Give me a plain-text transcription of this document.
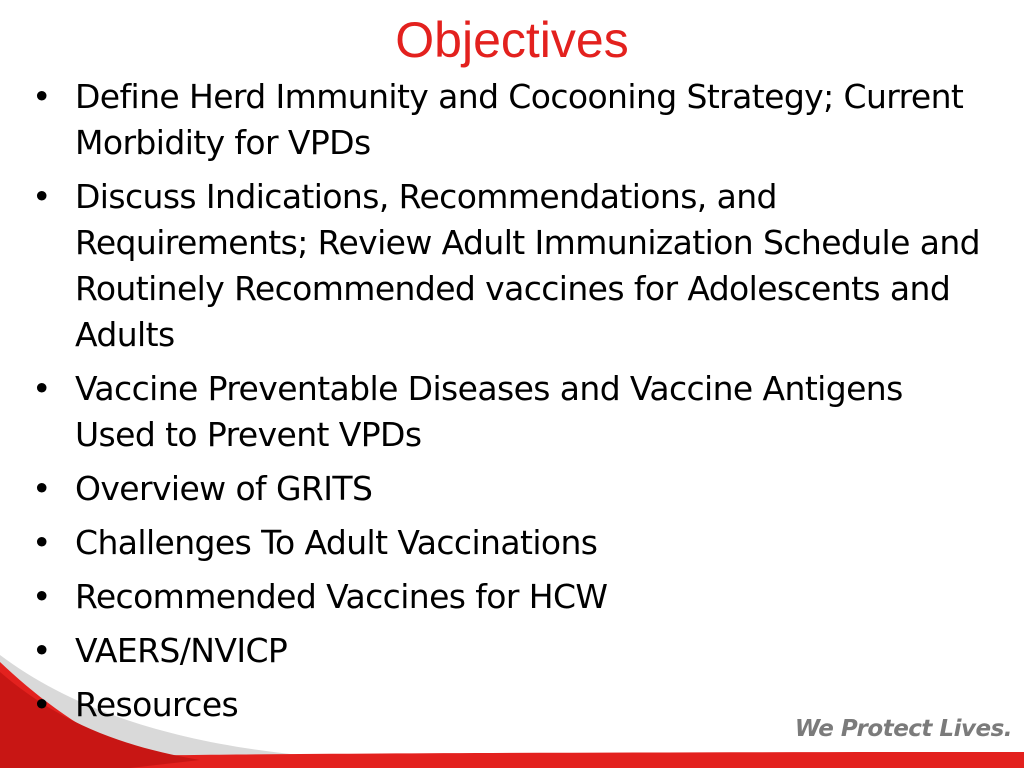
Objectives
• Define Herd Immunity and Cocooning Strategy; Current Morbidity for VPDs
• Discuss Indications, Recommendations, and Requirements; Review Adult Immunization Schedule and Routinely Recommended vaccines for Adolescents and Adults
• Vaccine Preventable Diseases and Vaccine Antigens Used to Prevent VPDs
• Overview of GRITS
• Challenges To Adult Vaccinations
• Recommended Vaccines for HCW
• VAERS/NVICP
• Resources
We Protect Lives.
